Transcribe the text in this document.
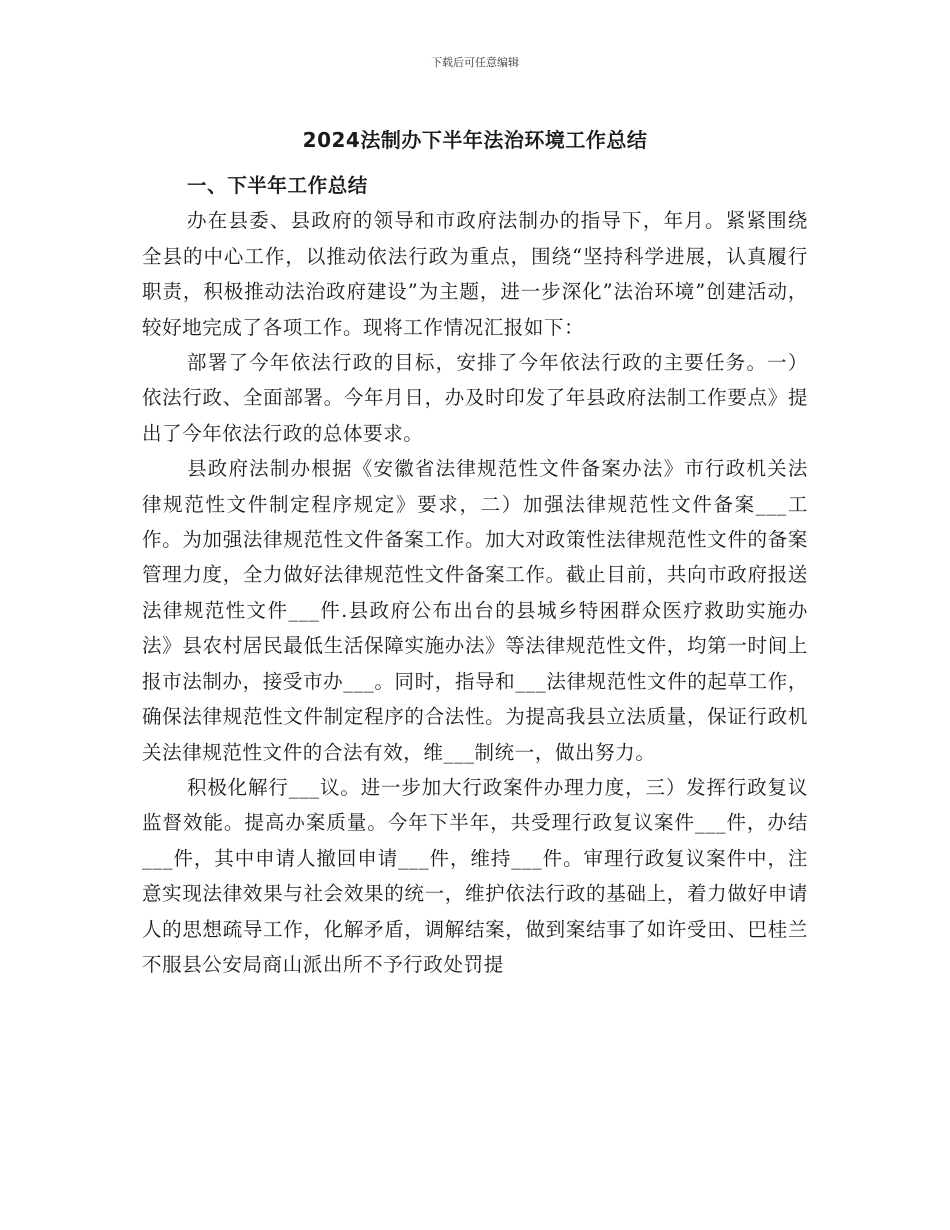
下载后可任意编辑
2024法制办下半年法治环境工作总结

一、下半年工作总结

办在县委、县政府的领导和市政府法制办的指导下，年月。紧紧围绕全县的中心工作，以推动依法行政为重点，围绕“坚持科学进展，认真履行职责，积极推动法治政府建设”为主题，进一步深化”法治环境”创建活动，较好地完成了各项工作。现将工作情况汇报如下：

部署了今年依法行政的目标，安排了今年依法行政的主要任务。一）依法行政、全面部署。今年月日，办及时印发了年县政府法制工作要点》提出了今年依法行政的总体要求。

县政府法制办根据《安徽省法律规范性文件备案办法》市行政机关法律规范性文件制定程序规定》要求，二）加强法律规范性文件备案___工作。为加强法律规范性文件备案工作。加大对政策性法律规范性文件的备案管理力度，全力做好法律规范性文件备案工作。截止目前，共向市政府报送法律规范性文件___件.县政府公布出台的县城乡特困群众医疗救助实施办法》县农村居民最低生活保障实施办法》等法律规范性文件，均第一时间上报市法制办，接受市办___。同时，指导和___法律规范性文件的起草工作，确保法律规范性文件制定程序的合法性。为提高我县立法质量，保证行政机关法律规范性文件的合法有效，维___制统一，做出努力。

积极化解行___议。进一步加大行政案件办理力度，三）发挥行政复议监督效能。提高办案质量。今年下半年，共受理行政复议案件___件，办结___件，其中申请人撤回申请___件，维持___件。审理行政复议案件中，注意实现法律效果与社会效果的统一，维护依法行政的基础上，着力做好申请人的思想疏导工作，化解矛盾，调解结案，做到案结事了如许受田、巴桂兰不服县公安局商山派出所不予行政处罚提
